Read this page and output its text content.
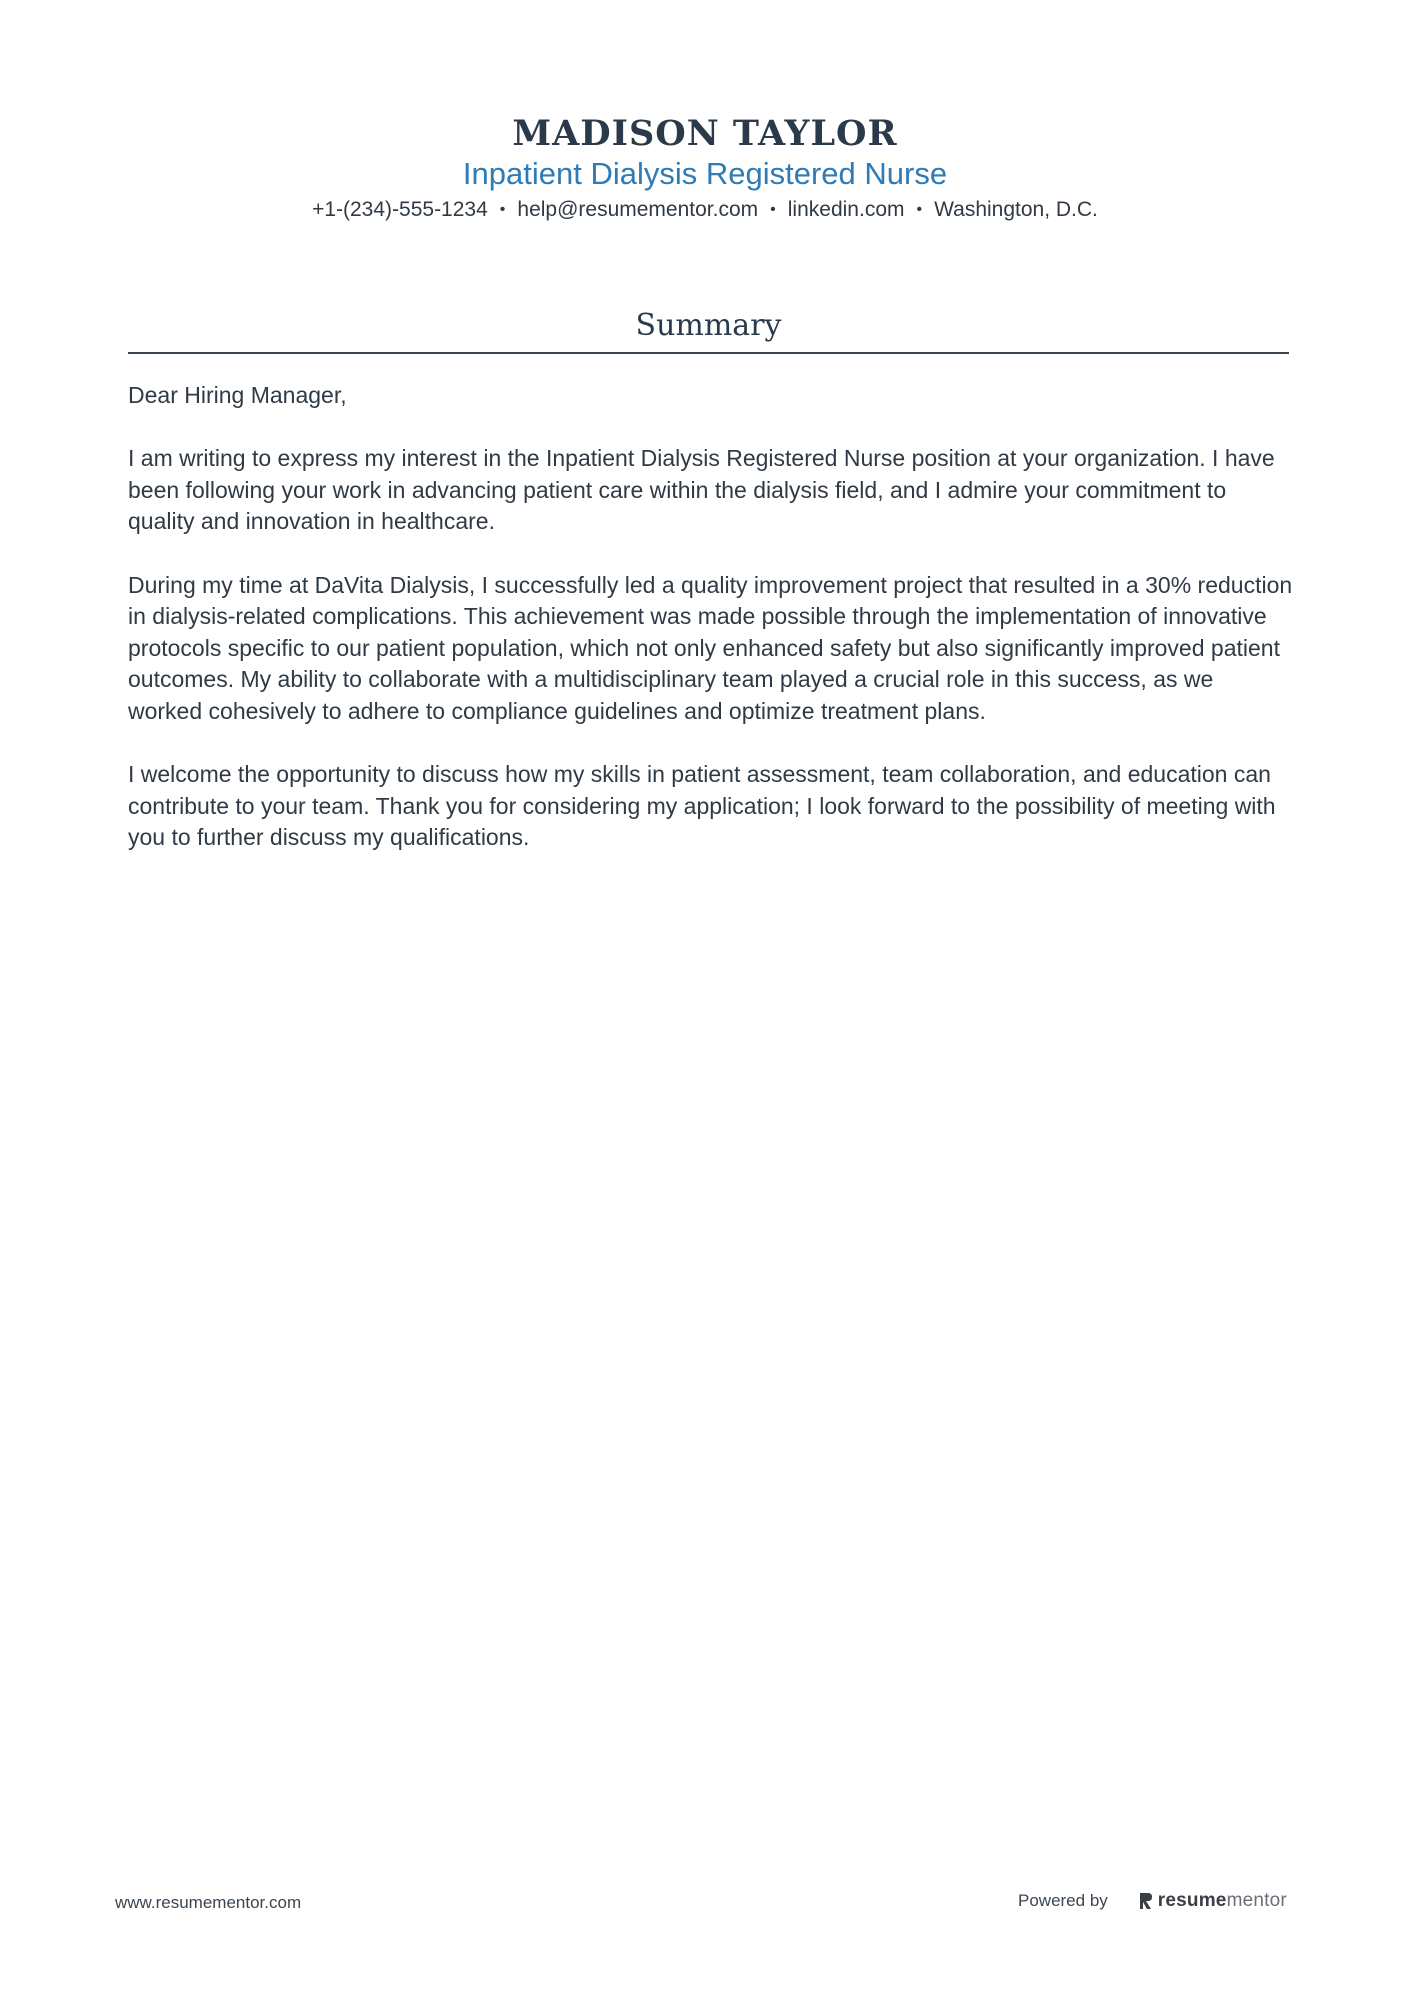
MADISON TAYLOR
Inpatient Dialysis Registered Nurse
+1-(234)-555-1234 • help@resumementor.com • linkedin.com • Washington, D.C.
Summary

Dear Hiring Manager,

I am writing to express my interest in the Inpatient Dialysis Registered Nurse position at your organization. I have been following your work in advancing patient care within the dialysis field, and I admire your commitment to quality and innovation in healthcare.

During my time at DaVita Dialysis, I successfully led a quality improvement project that resulted in a 30% reduction in dialysis-related complications. This achievement was made possible through the implementation of innovative protocols specific to our patient population, which not only enhanced safety but also significantly improved patient outcomes. My ability to collaborate with a multidisciplinary team played a crucial role in this success, as we worked cohesively to adhere to compliance guidelines and optimize treatment plans.

I welcome the opportunity to discuss how my skills in patient assessment, team collaboration, and education can contribute to your team. Thank you for considering my application; I look forward to the possibility of meeting with you to further discuss my qualifications.

www.resumementor.com	Powered by	resumementor
